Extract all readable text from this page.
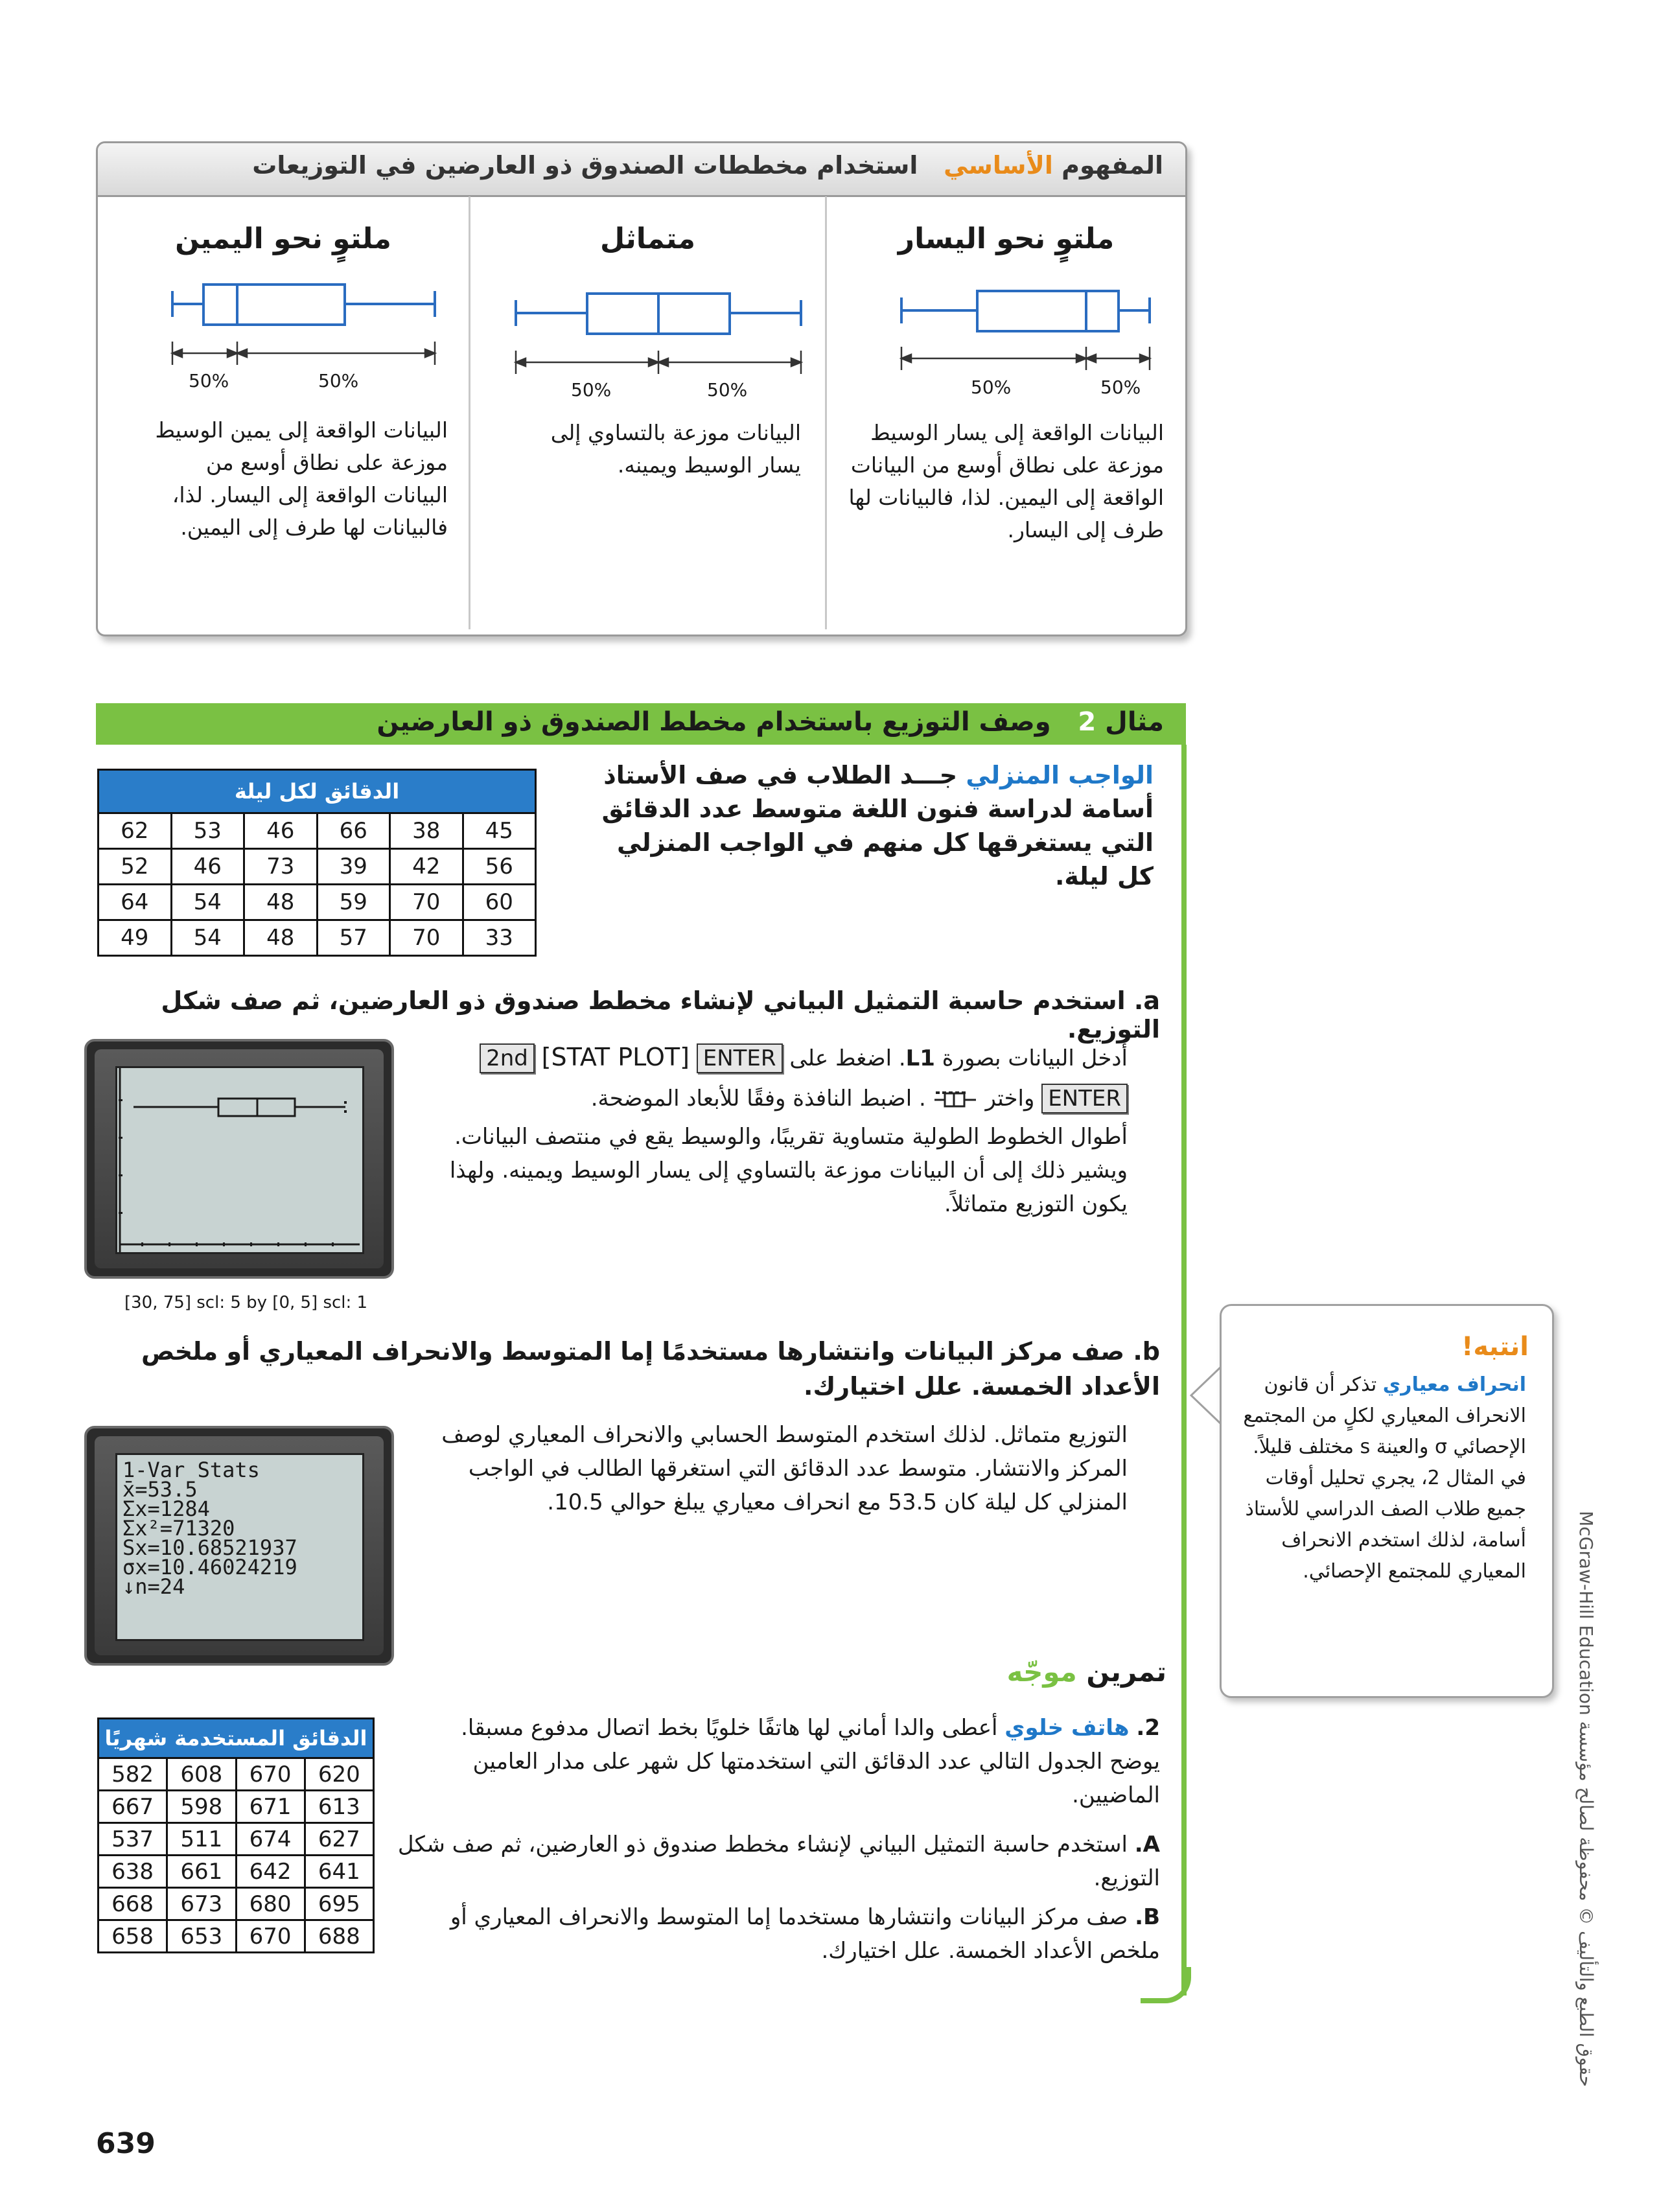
المفهوم الأساسي   استخدام مخططات الصندوق ذو العارضين في التوزيعات
ملتوٍ نحو اليسار
50%	50%
البيانات الواقعة إلى يسار الوسيط موزعة على نطاق أوسع من البيانات الواقعة إلى اليمين. لذا، فالبيانات لها طرف إلى اليسار.
متماثل
50%	50%
البيانات موزعة بالتساوي إلى يسار الوسيط ويمينه.
ملتوٍ نحو اليمين
50%	50%
البيانات الواقعة إلى يمين الوسيط موزعة على نطاق أوسع من البيانات الواقعة إلى اليسار. لذا، فالبيانات لها طرف إلى اليمين.
مثال 2   وصف التوزيع باستخدام مخطط الصندوق ذو العارضين
الواجب المنزلي جـــد الطلاب في صف الأستاذ أسامة لدراسة فنون اللغة متوسط عدد الدقائق التي يستغرقها كل منهم في الواجب المنزلي كل ليلة.
الدقائق لكل ليلة					
62	53	46	66	38	45
52	46	73	39	42	56
64	54	48	59	70	60
49	54	48	57	70	33
a. استخدم حاسبة التمثيل البياني لإنشاء مخطط صندوق ذو العارضين، ثم صف شكل التوزيع.
أدخل البيانات بصورة L1. اضغط على ENTER [STAT PLOT] 2nd
ENTER واختر  . اضبط النافذة وفقًا للأبعاد الموضحة.
أطوال الخطوط الطولية متساوية تقريبًا، والوسيط يقع في منتصف البيانات. ويشير ذلك إلى أن البيانات موزعة بالتساوي إلى يسار الوسيط ويمينه. ولهذا يكون التوزيع متماثلاً.
[30, 75] scl: 5 by [0, 5] scl: 1
b. صف مركز البيانات وانتشارها مستخدمًا إما المتوسط والانحراف المعياري أو ملخص الأعداد الخمسة. علل اختيارك.
التوزيع متماثل. لذلك استخدم المتوسط الحسابي والانحراف المعياري لوصف المركز والانتشار. متوسط عدد الدقائق التي استغرقها الطالب في الواجب المنزلي كل ليلة كان 53.5 مع انحراف معياري يبلغ حوالي 10.5.
1-Var Stats
x̄=53.5
Σx=1284
Σx²=71320
Sx=10.68521937
σx=10.46024219
↓n=24
تمرين موجّه
2. هاتف خلوي أعطى والدا أماني لها هاتفًا خلويًا بخط اتصال مدفوع مسبقا. يوضح الجدول التالي عدد الدقائق التي استخدمتها كل شهر على مدار العامين الماضيين.
A. استخدم حاسبة التمثيل البياني لإنشاء مخطط صندوق ذو العارضين، ثم صف شكل التوزيع.
B. صف مركز البيانات وانتشارها مستخدما إما المتوسط والانحراف المعياري أو ملخص الأعداد الخمسة. علل اختيارك.
الدقائق المستخدمة شهريًا			
582	608	670	620
667	598	671	613
537	511	674	627
638	661	642	641
668	673	680	695
658	653	670	688
انتبه!
انحراف معياري تذكر أن قانون الانحراف المعياري لكلٍ من المجتمع الإحصائي σ والعينة s مختلف قليلاً. في المثال 2، يجري تحليل أوقات جميع طلاب الصف الدراسي للأستاذ أسامة، لذلك استخدم الانحراف المعياري للمجتمع الإحصائي.	حقوق الطبع والتأليف © محفوظة لصالح مؤسسة McGraw-Hill Education
639
